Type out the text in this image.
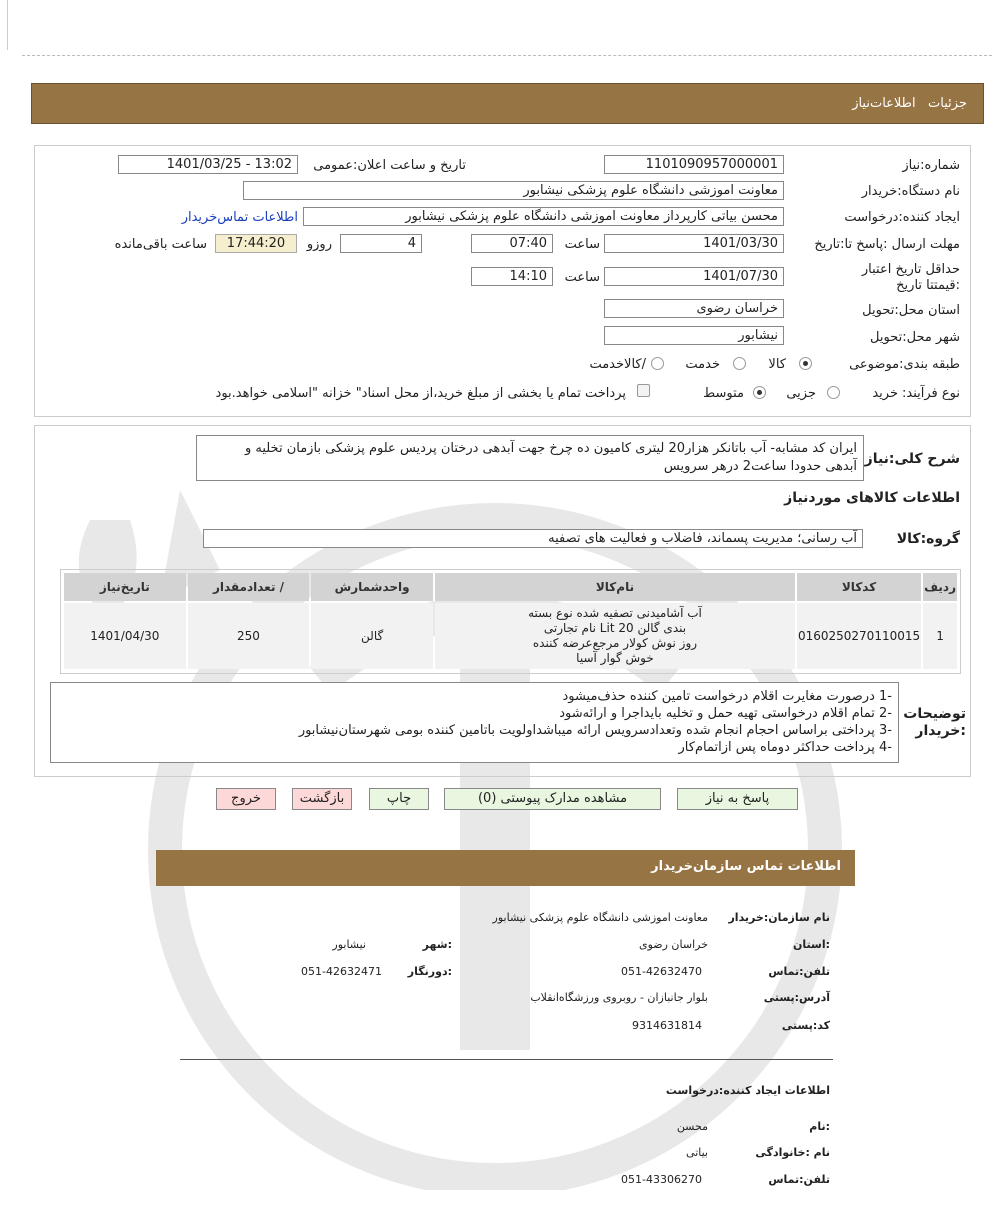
جزئیات   اطلاعات‌نیاز
شماره:نیاز
1101090957000001
تاریخ و ساعت اعلان:عمومی
1401/03/25 - 13:02
نام دستگاه:خریدار
معاونت اموزشی دانشگاه علوم پزشکی نیشابور
ایجاد کننده:درخواست
محسن بیاتی کارپرداز معاونت اموزشی دانشگاه علوم پزشکی نیشابور
اطلاعات تماس‌خریدار
مهلت ارسال :پاسخ تا:تاریخ
1401/03/30
ساعت
07:40
4
روزو
17:44:20
ساعت باقی‌مانده
حداقل تاریخ اعتبار :قیمتتا تاریخ
1401/07/30
ساعت
14:10
استان محل:تحویل
خراسان رضوی
شهر محل:تحویل
نیشابور
طبقه بندی:موضوعی
کالا
خدمت
/کالاخدمت
نوع فرآیند:
خرید
جزیی
متوسط
پرداخت تمام یا بخشی از مبلغ خرید،از محل اسناد" خزانه "اسلامی خواهد.بود
شرح کلی:نیاز
ایران کد مشابه- آب باتانکر هزار20 لیتری کامیون ده چرخ جهت آبدهی درختان پردیس علوم پزشکی بازمان تخلیه و
آبدهی حدودا ساعت2 درهر سرویس
اطلاعات کالاهای موردنیاز
گروه:کالا
آب رسانی؛ مدیریت پسماند، فاضلاب و فعالیت های تصفیه
ردیف	کدکالا	نام‌کالا	واحدشمارش	/ تعدادمقدار	تاریخ‌نیاز
1	0160250270110015	آب آشامیدنی تصفیه شده نوع بسته
بندی گالن 20 Lit نام تجارتی
روز نوش کولار مرجع‌عرضه کننده
خوش گوار آسیا	گالن	250	1401/04/30
توضیحات :خریدار
-1 درصورت مغایرت اقلام درخواست تامین کننده حذف‌میشود
-2 تمام اقلام درخواستی تهیه حمل و تخلیه بایداجرا و ارائه‌شود
-3 پرداختی براساس احجام انجام شده وتعدادسرویس ارائه میباشداولویت باتامین کننده بومی شهرستان‌نیشابور
-4 پرداخت حداکثر دوماه پس ازاتمام‌کار
پاسخ به نیاز
مشاهده مدارک پیوستی (0)
چاپ
بازگشت
خروج
اطلاعات تماس سازمان‌خریدار
نام سازمان:خریدار
معاونت اموزشی دانشگاه علوم پزشکی نیشابور
:استان
خراسان رضوی
:شهر
نیشابور
تلفن:تماس
051-42632470
:دورنگار
051-42632471
آدرس:پستی
بلوار جانبازان - روبروی ورزشگاه‌انقلاب
کد:پستی
9314631814
اطلاعات ایجاد کننده:درخواست
:نام
محسن
نام :خانوادگی
بیاتی
تلفن:تماس
051-43306270
